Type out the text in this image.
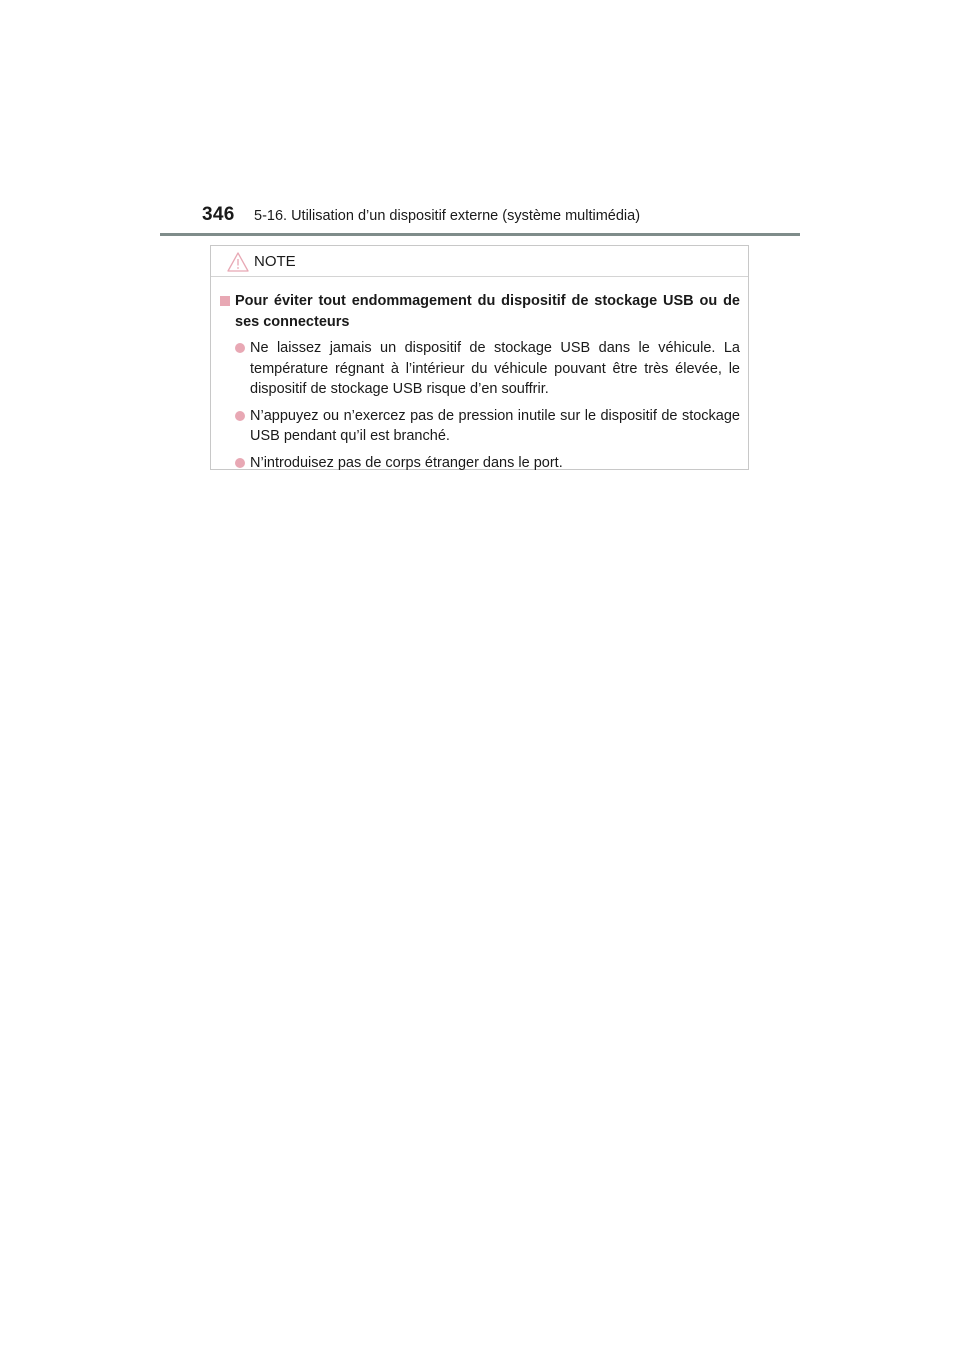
346 5-16. Utilisation d’un dispositif externe (système multimédia)
NOTE
Pour éviter tout endommagement du dispositif de stockage USB ou de ses connecteurs
Ne laissez jamais un dispositif de stockage USB dans le véhicule. La température régnant à l’intérieur du véhicule pouvant être très élevée, le dispositif de stockage USB risque d’en souffrir.
N’appuyez ou n’exercez pas de pression inutile sur le dispositif de stockage USB pendant qu’il est branché.
N’introduisez pas de corps étranger dans le port.
